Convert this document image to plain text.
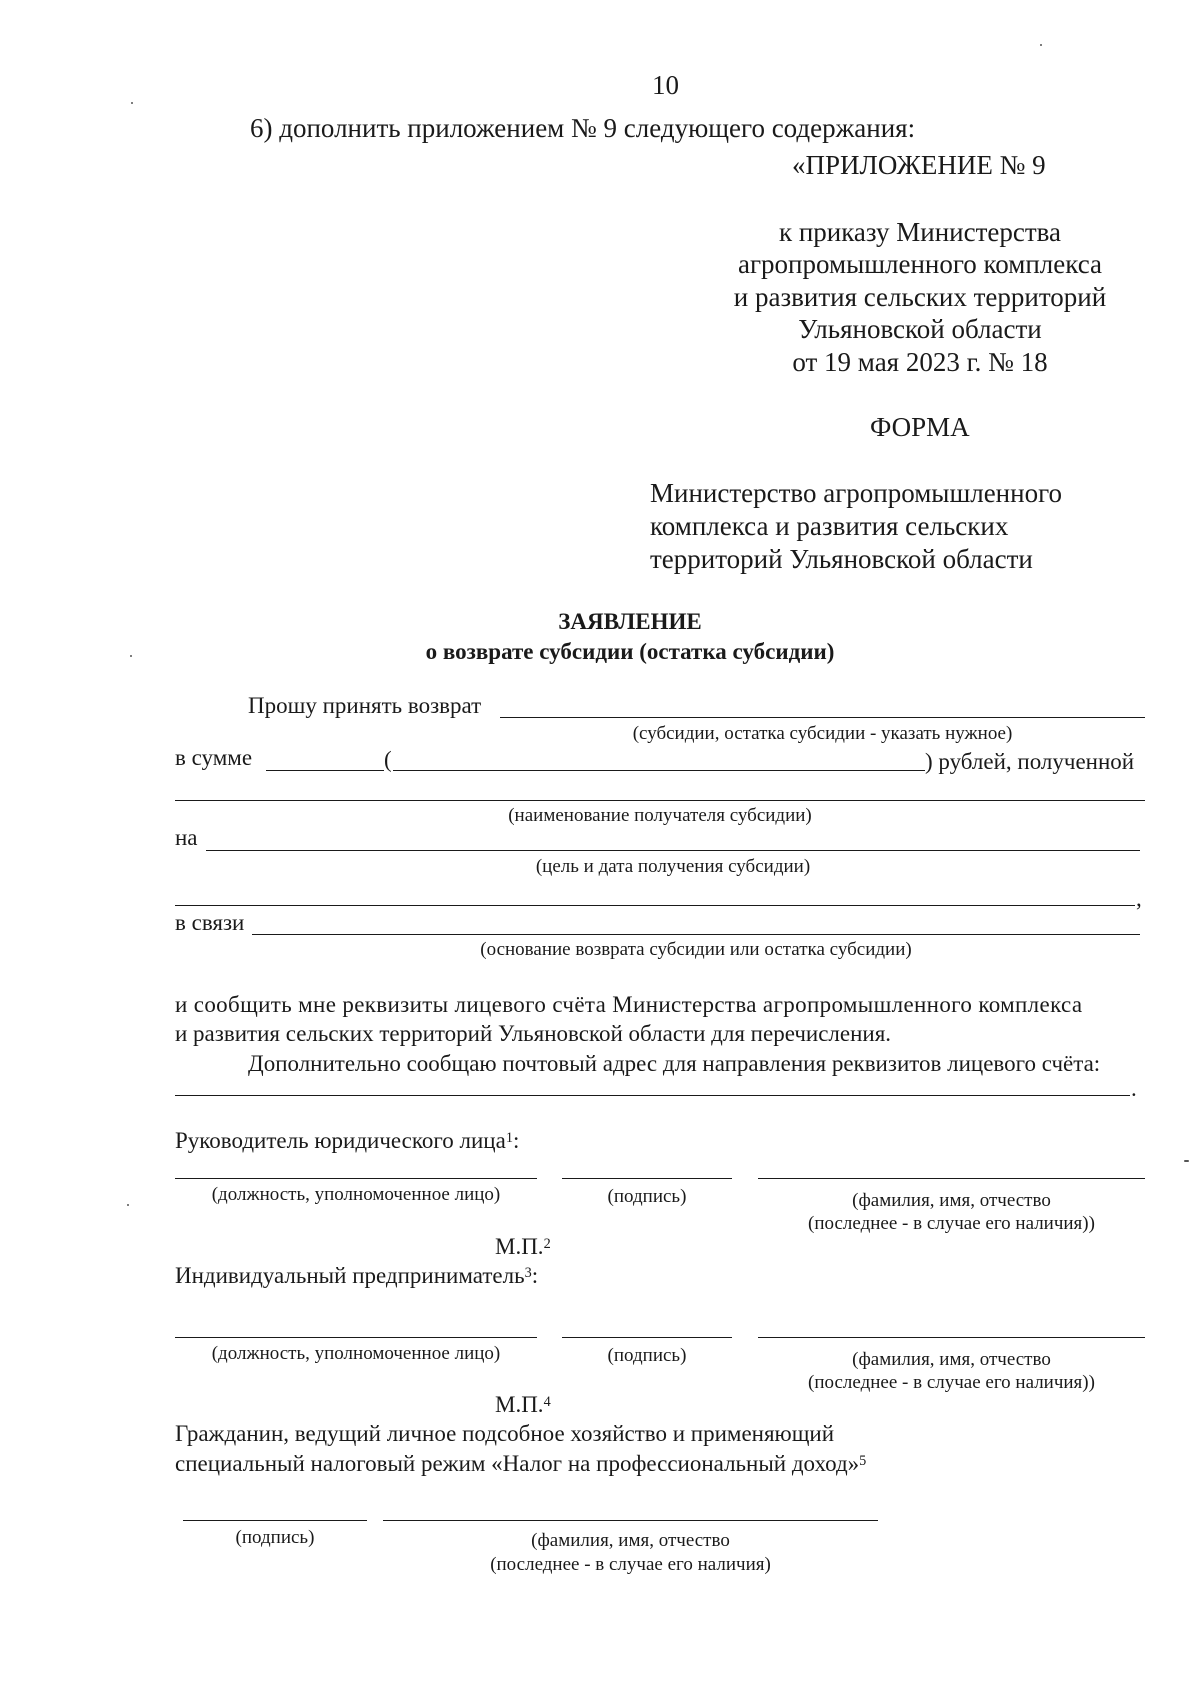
10
6) дополнить приложением № 9 следующего содержания:
«ПРИЛОЖЕНИЕ № 9
к приказу Министерства
агропромышленного комплекса
и развития сельских территорий
Ульяновской области
от 19 мая 2023 г. № 18
ФОРМА
Министерство агропромышленного
комплекса и развития сельских
территорий Ульяновской области
ЗАЯВЛЕНИЕ
о возврате субсидии (остатка субсидии)
Прошу принять возврат
(субсидии, остатка субсидии - указать нужное)
в сумме	(	) рублей, полученной
(наименование получателя субсидии)
на
(цель и дата получения субсидии)
,
в связи
(основание возврата субсидии или остатка субсидии)
и сообщить мне реквизиты лицевого счёта Министерства агропромышленного комплекса
и развития сельских территорий Ульяновской области для перечисления.
Дополнительно сообщаю почтовый адрес для направления реквизитов лицевого счёта:
.
Руководитель юридического лица$^1$:
(должность, уполномоченное лицо)	(подпись)	(фамилия, имя, отчество
(последнее - в случае его наличия))
М.П.$^2$
Индивидуальный предприниматель$^3$:
(должность, уполномоченное лицо)	(подпись)	(фамилия, имя, отчество
(последнее - в случае его наличия))
М.П.$^4$
Гражданин, ведущий личное подсобное хозяйство и применяющий
специальный налоговый режим «Налог на профессиональный доход»$^5$
(подпись)	(фамилия, имя, отчество
(последнее - в случае его наличия)
